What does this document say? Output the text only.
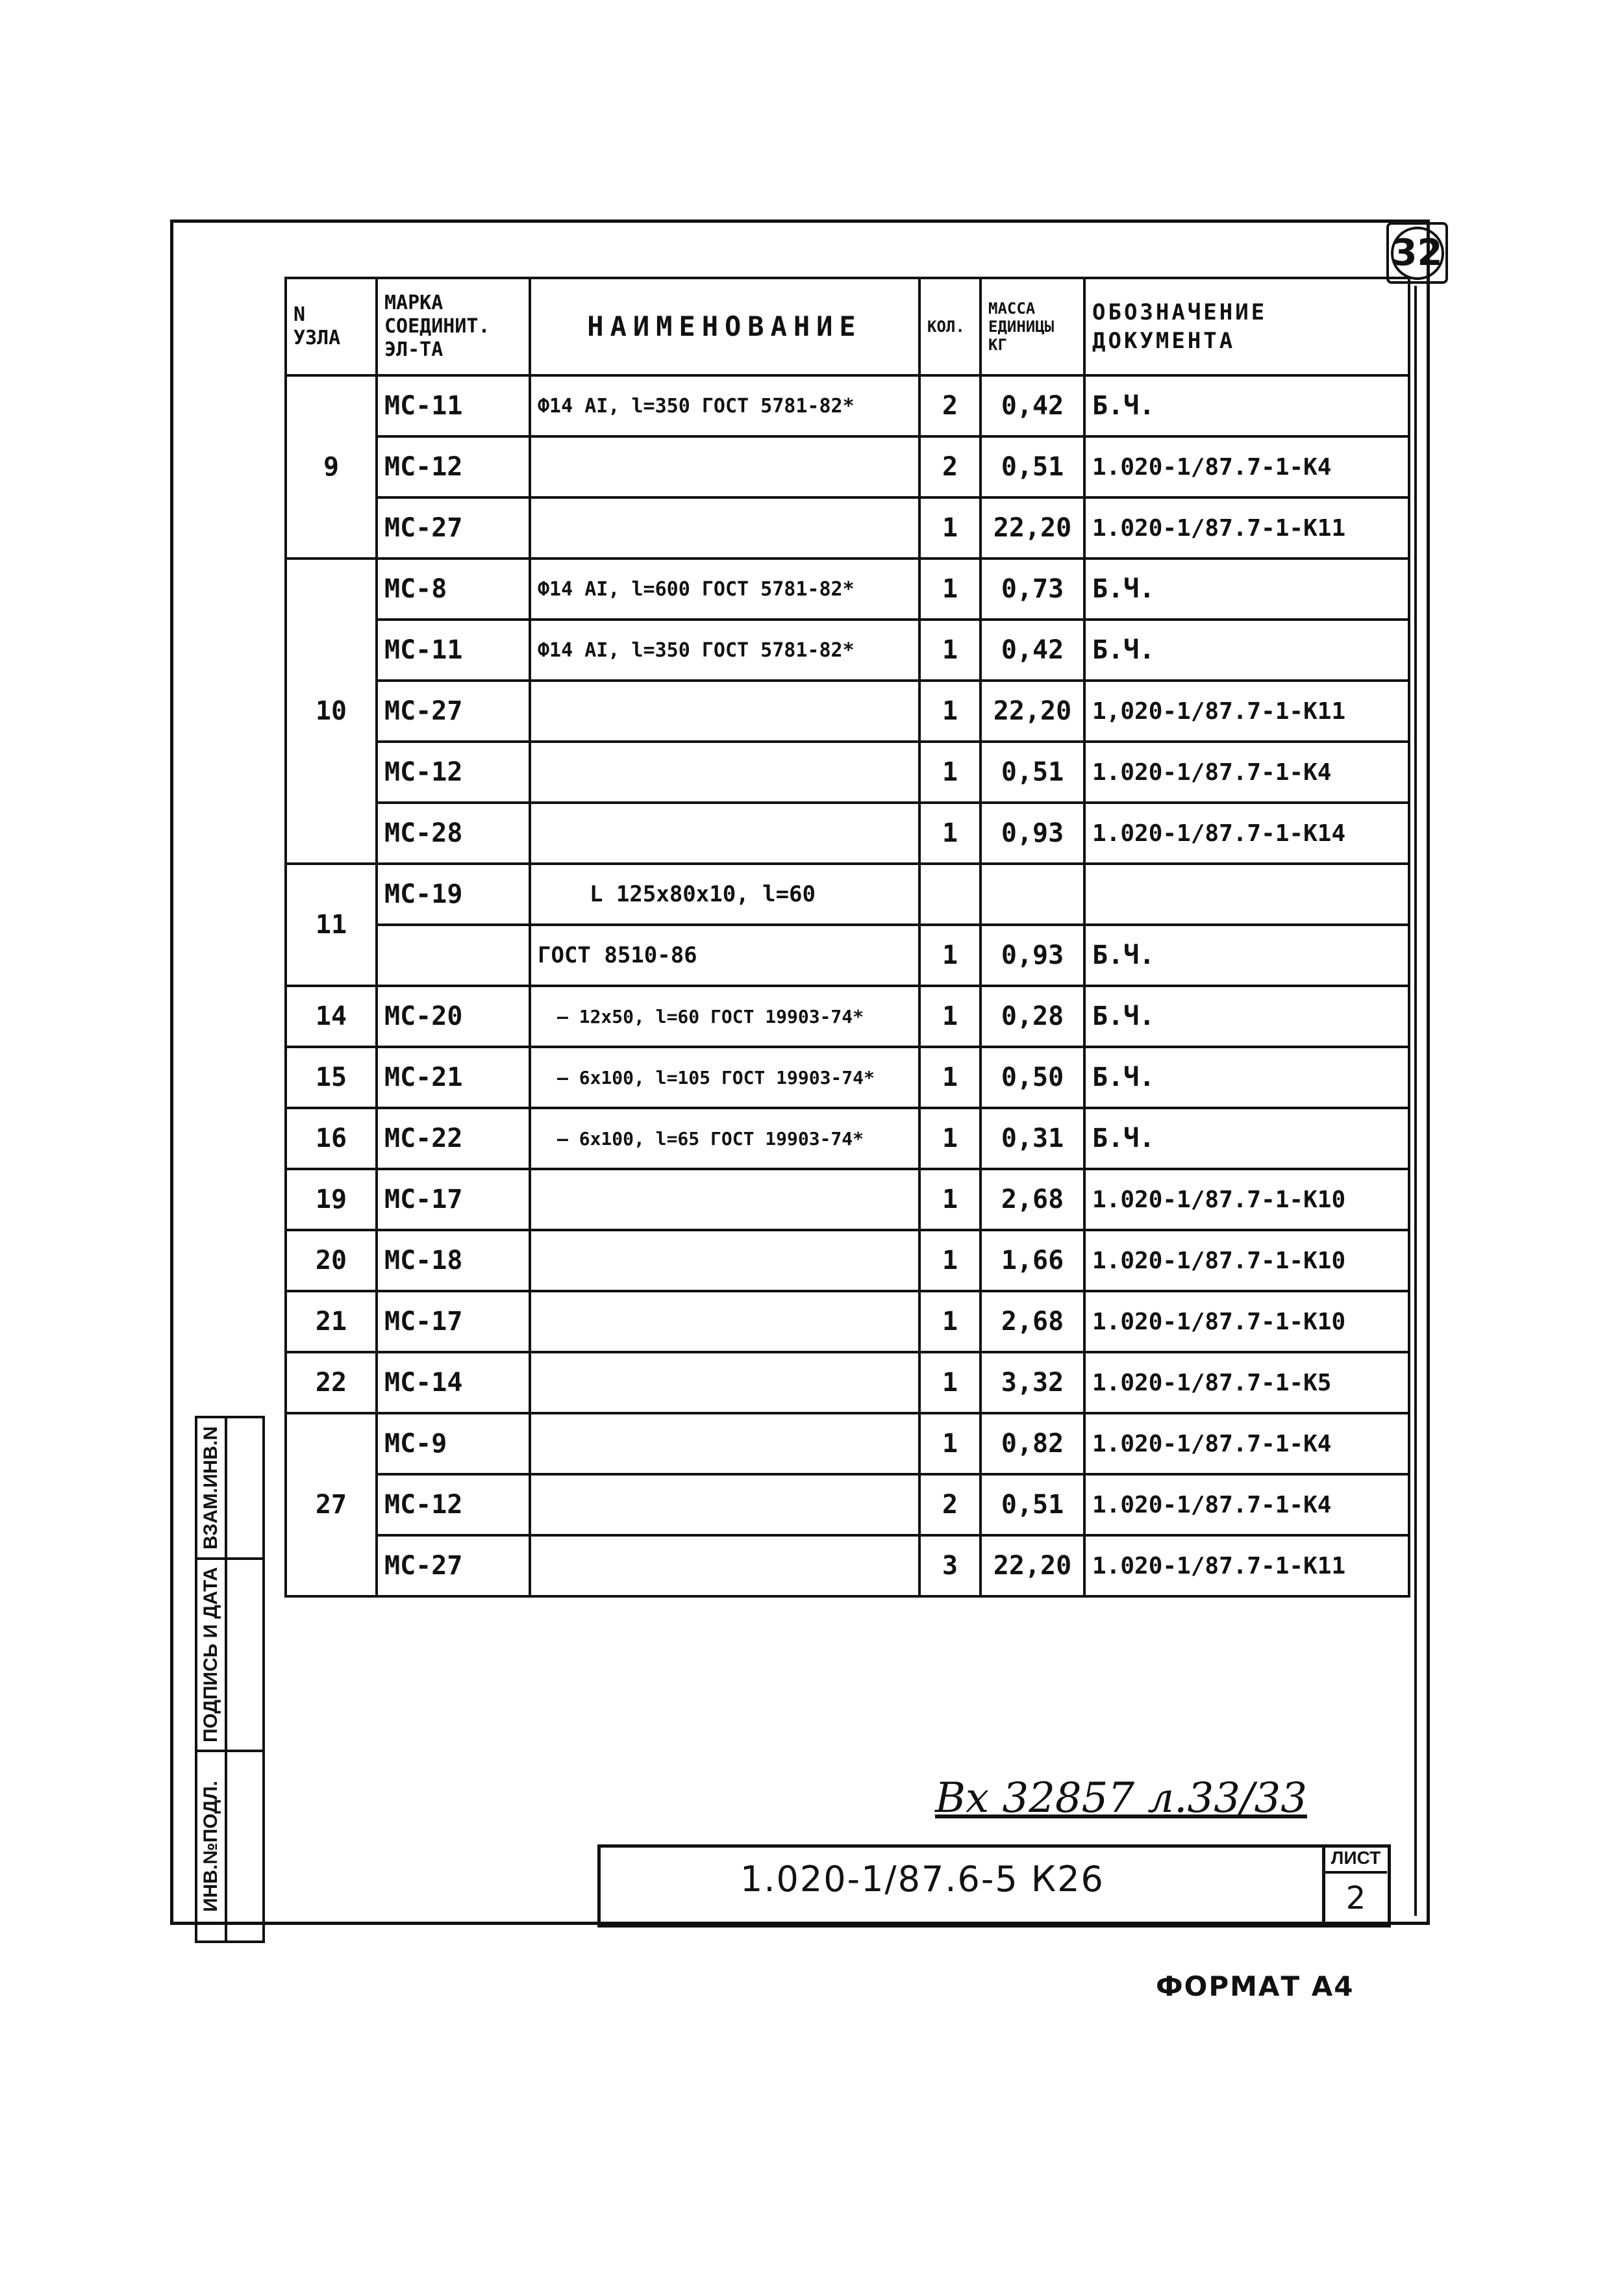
32
N
УЗЛА	МАРКА
СОЕДИНИТ.
ЭЛ-ТА	НАИМЕНОВАНИЕ	КОЛ.	МАССА
ЕДИНИЦЫ
КГ	ОБОЗНАЧЕНИЕ
ДОКУМЕНТА
9	МС-11	Ф14 AI, l=350 ГОСТ 5781-82*	2	0,42	Б.Ч.
	МС-12		2	0,51	1.020-1/87.7-1-К4
	МС-27		1	22,20	1.020-1/87.7-1-К11
10	МС-8	Ф14 AI, l=600 ГОСТ 5781-82*	1	0,73	Б.Ч.
	МС-11	Ф14 AI, l=350 ГОСТ 5781-82*	1	0,42	Б.Ч.
	МС-27		1	22,20	1,020-1/87.7-1-К11
	МС-12		1	0,51	1.020-1/87.7-1-К4
	МС-28		1	0,93	1.020-1/87.7-1-К14
11	МС-19	L 125x80x10, l=60			
		ГОСТ 8510-86	1	0,93	Б.Ч.
14	МС-20	— 12x50, l=60 ГОСТ 19903-74*	1	0,28	Б.Ч.
15	МС-21	— 6x100, l=105 ГОСТ 19903-74*	1	0,50	Б.Ч.
16	МС-22	— 6x100, l=65 ГОСТ 19903-74*	1	0,31	Б.Ч.
19	МС-17		1	2,68	1.020-1/87.7-1-К10
20	МС-18		1	1,66	1.020-1/87.7-1-К10
21	МС-17		1	2,68	1.020-1/87.7-1-К10
22	МС-14		1	3,32	1.020-1/87.7-1-К5
27	МС-9		1	0,82	1.020-1/87.7-1-К4
	МС-12		2	0,51	1.020-1/87.7-1-К4
	МС-27		3	22,20	1.020-1/87.7-1-К11
ВЗАМ.ИНВ.N
ПОДПИСЬ И ДАТА
ИНВ.№ПОДЛ.	Вх 32857 л.33/33
1.020-1/87.6-5 К26
ЛИСТ
2
ФОРМАТ А4
